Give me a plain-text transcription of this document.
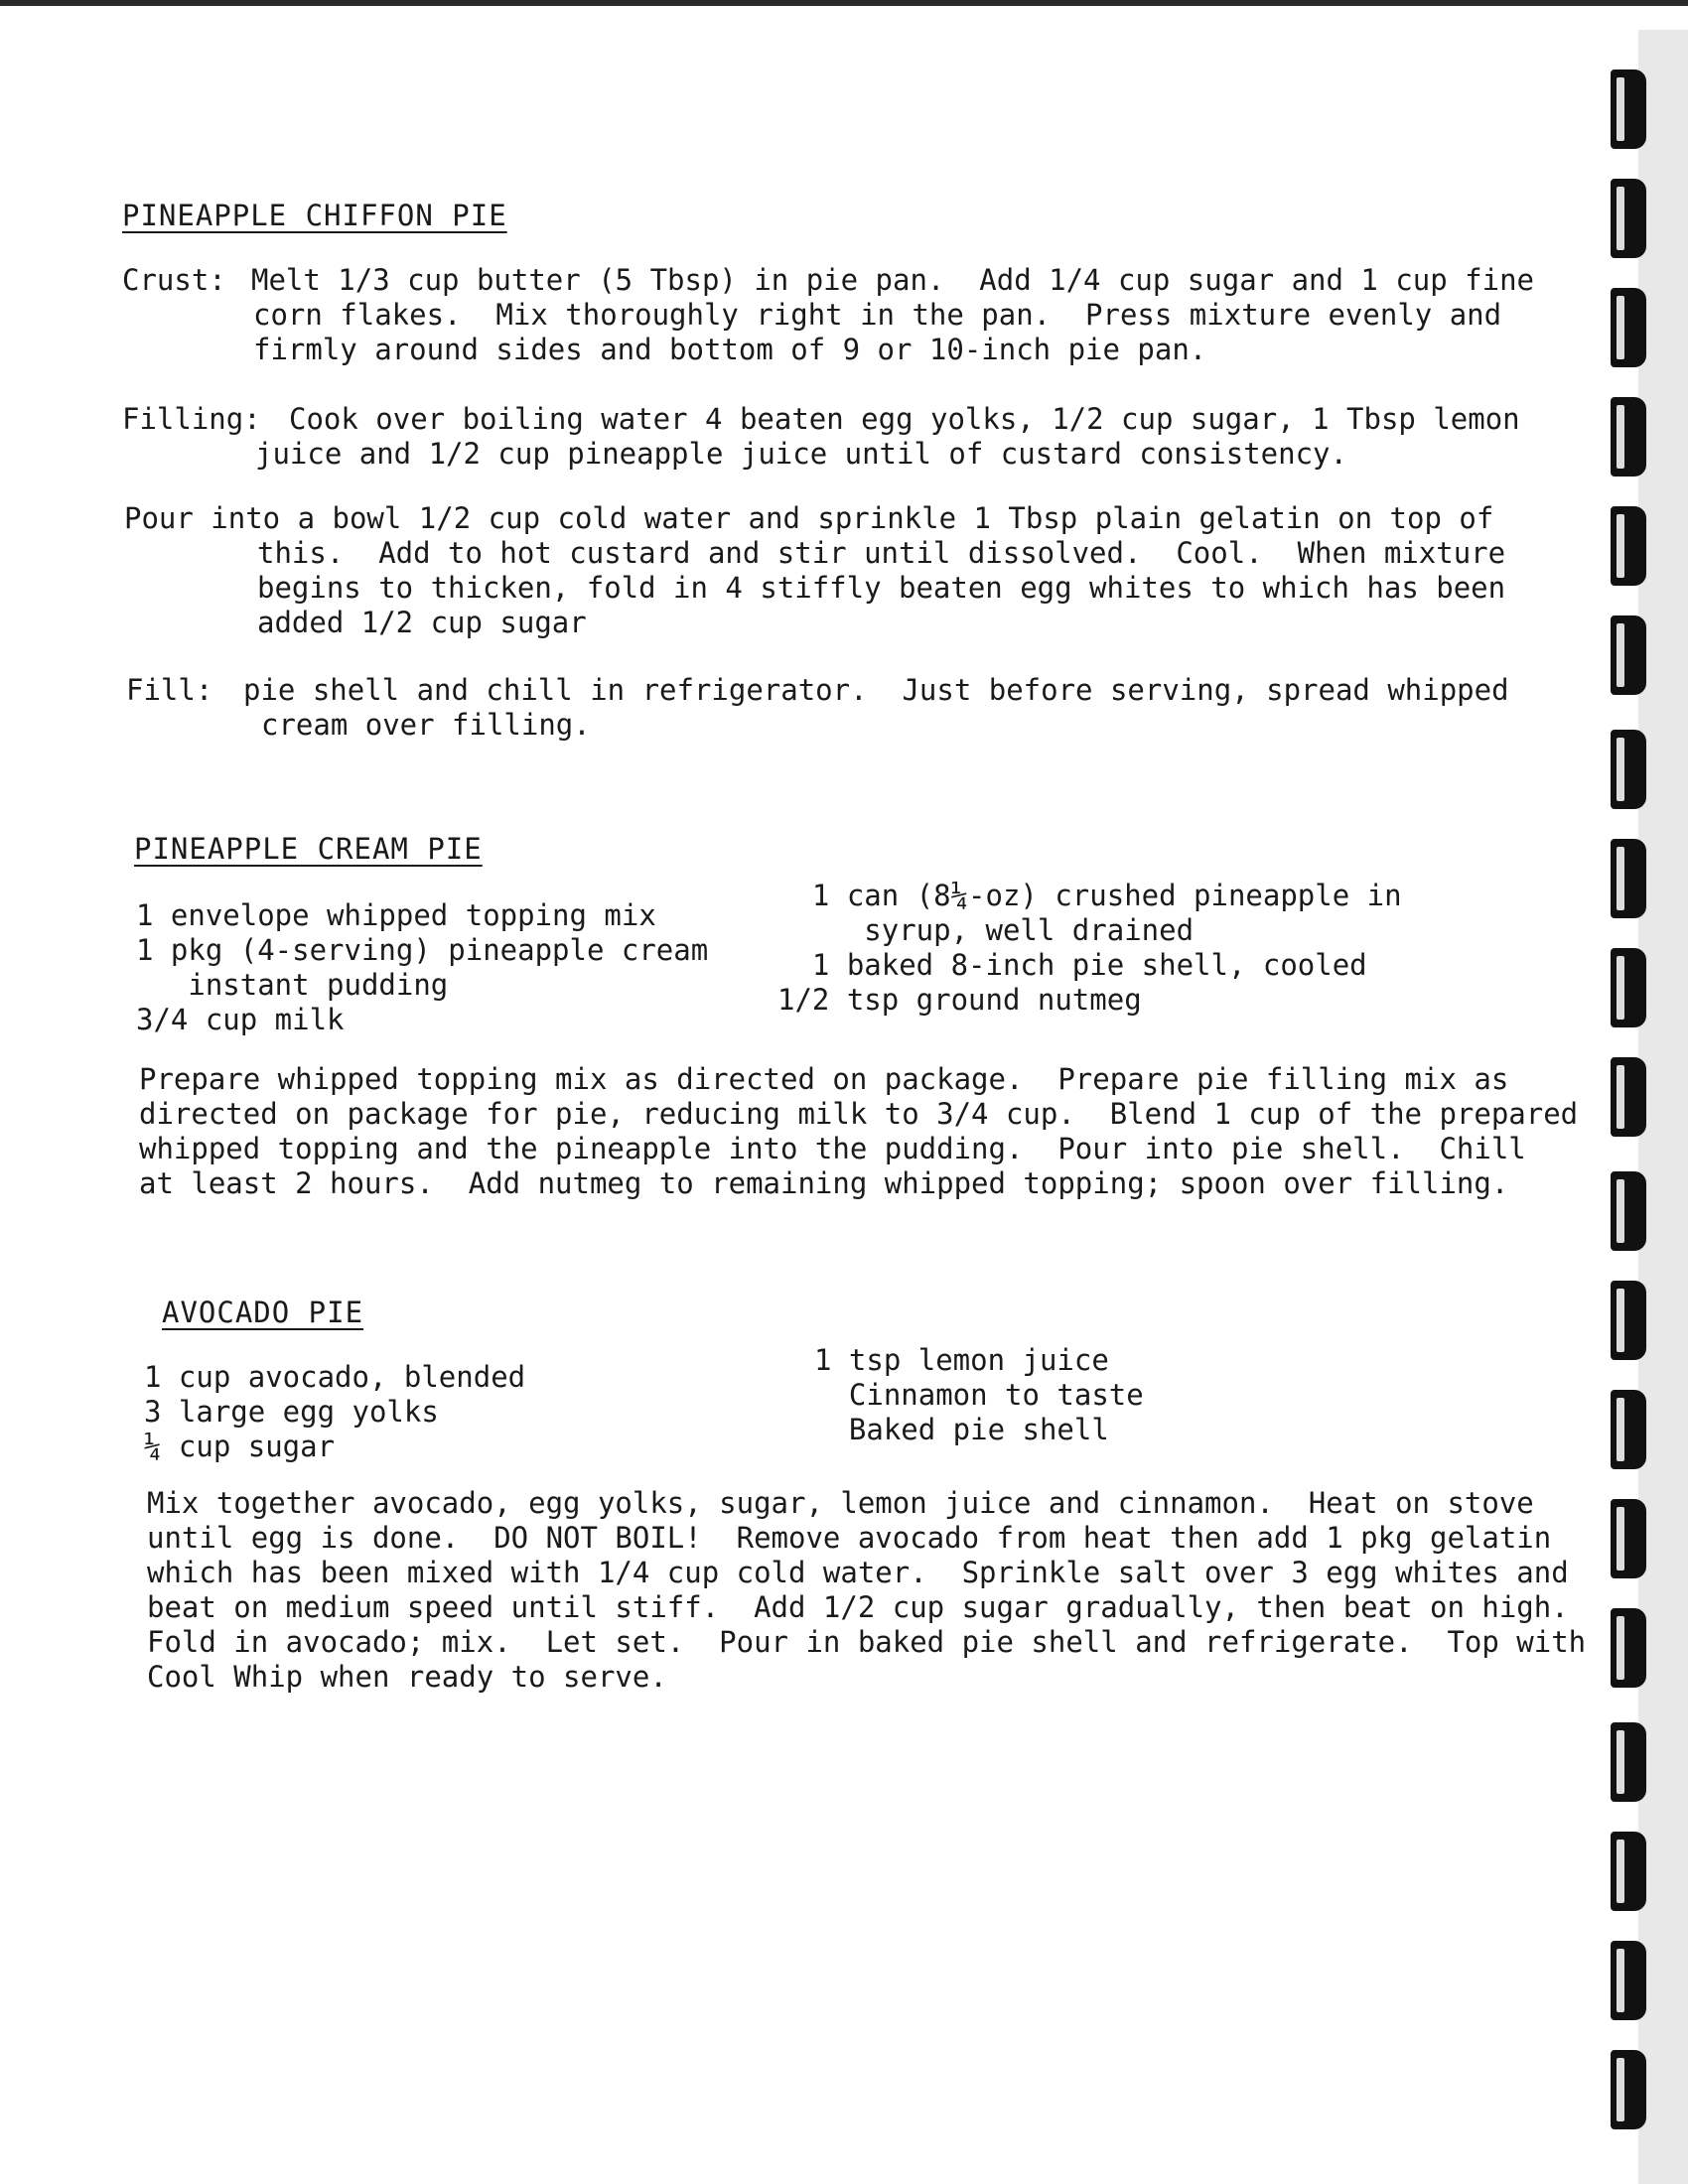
PINEAPPLE CHIFFON PIE
Crust: Melt 1/3 cup butter (5 Tbsp) in pie pan.  Add 1/4 cup sugar and 1 cup fine
corn flakes.  Mix thoroughly right in the pan.  Press mixture evenly and
firmly around sides and bottom of 9 or 10-inch pie pan.
Filling: Cook over boiling water 4 beaten egg yolks, 1/2 cup sugar, 1 Tbsp lemon
juice and 1/2 cup pineapple juice until of custard consistency.
Pour into a bowl 1/2 cup cold water and sprinkle 1 Tbsp plain gelatin on top of
this.  Add to hot custard and stir until dissolved.  Cool.  When mixture
begins to thicken, fold in 4 stiffly beaten egg whites to which has been
added 1/2 cup sugar
Fill: pie shell and chill in refrigerator.  Just before serving, spread whipped
cream over filling.
PINEAPPLE CREAM PIE
1 envelope whipped topping mix
1 pkg (4-serving) pineapple cream
instant pudding
3/4 cup milk
1 can (8¼-oz) crushed pineapple in
syrup, well drained
1 baked 8-inch pie shell, cooled
1/2 tsp ground nutmeg
Prepare whipped topping mix as directed on package.  Prepare pie filling mix as
directed on package for pie, reducing milk to 3/4 cup.  Blend 1 cup of the prepared
whipped topping and the pineapple into the pudding.  Pour into pie shell.  Chill
at least 2 hours.  Add nutmeg to remaining whipped topping; spoon over filling.
AVOCADO PIE
1 cup avocado, blended
3 large egg yolks
¼ cup sugar
1 tsp lemon juice
Cinnamon to taste
Baked pie shell
Mix together avocado, egg yolks, sugar, lemon juice and cinnamon.  Heat on stove
until egg is done.  DO NOT BOIL!  Remove avocado from heat then add 1 pkg gelatin
which has been mixed with 1/4 cup cold water.  Sprinkle salt over 3 egg whites and
beat on medium speed until stiff.  Add 1/2 cup sugar gradually, then beat on high.
Fold in avocado; mix.  Let set.  Pour in baked pie shell and refrigerate.  Top with
Cool Whip when ready to serve.
